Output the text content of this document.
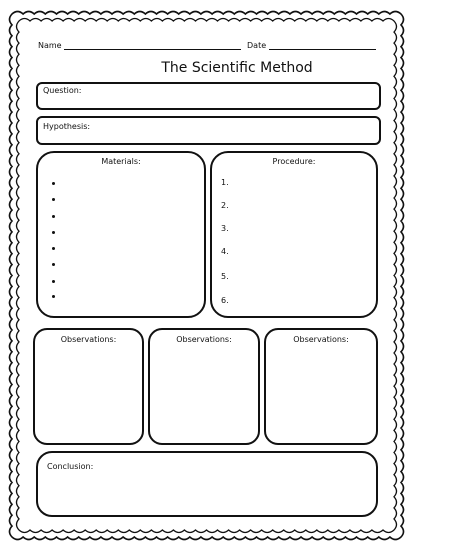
Name	Date
The Scientific Method
Question:
Hypothesis:
Materials:	Procedure:
1.
2.
3.
4.
5.
6.
Observations:	Observations:	Observations:
Conclusion:
